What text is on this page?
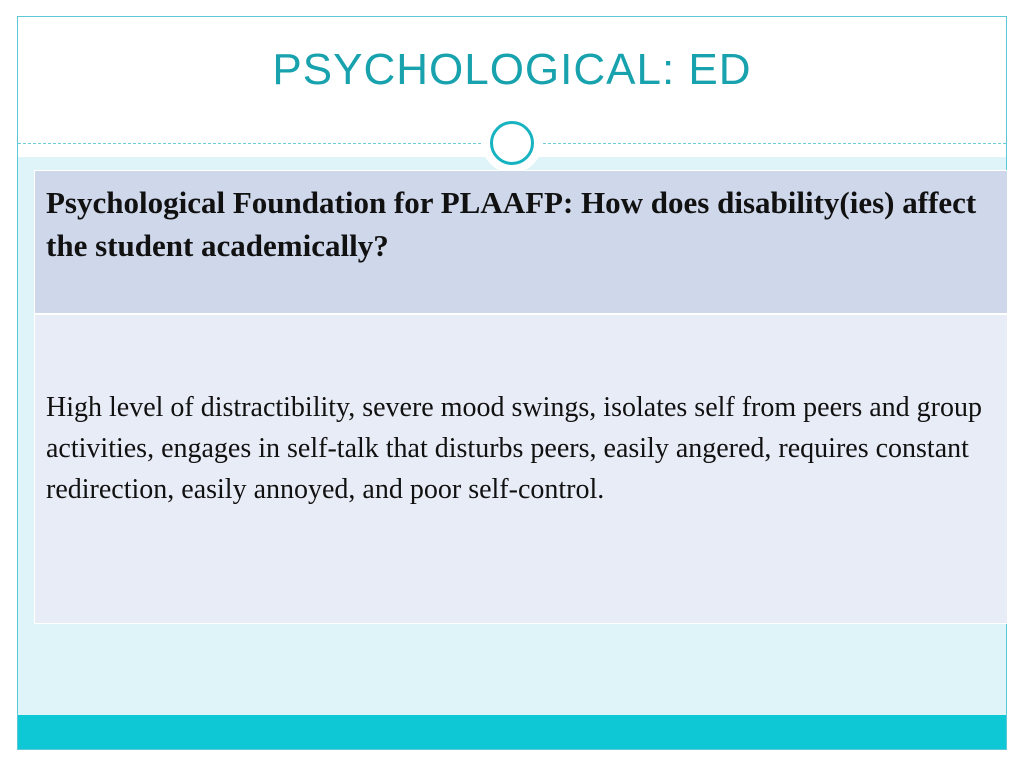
PSYCHOLOGICAL: ED

Psychological Foundation for PLAAFP: How does disability(ies) affect the student academically?

High level of distractibility, severe mood swings, isolates self from peers and group activities, engages in self-talk that disturbs peers, easily angered, requires constant redirection, easily annoyed, and poor self-control.
